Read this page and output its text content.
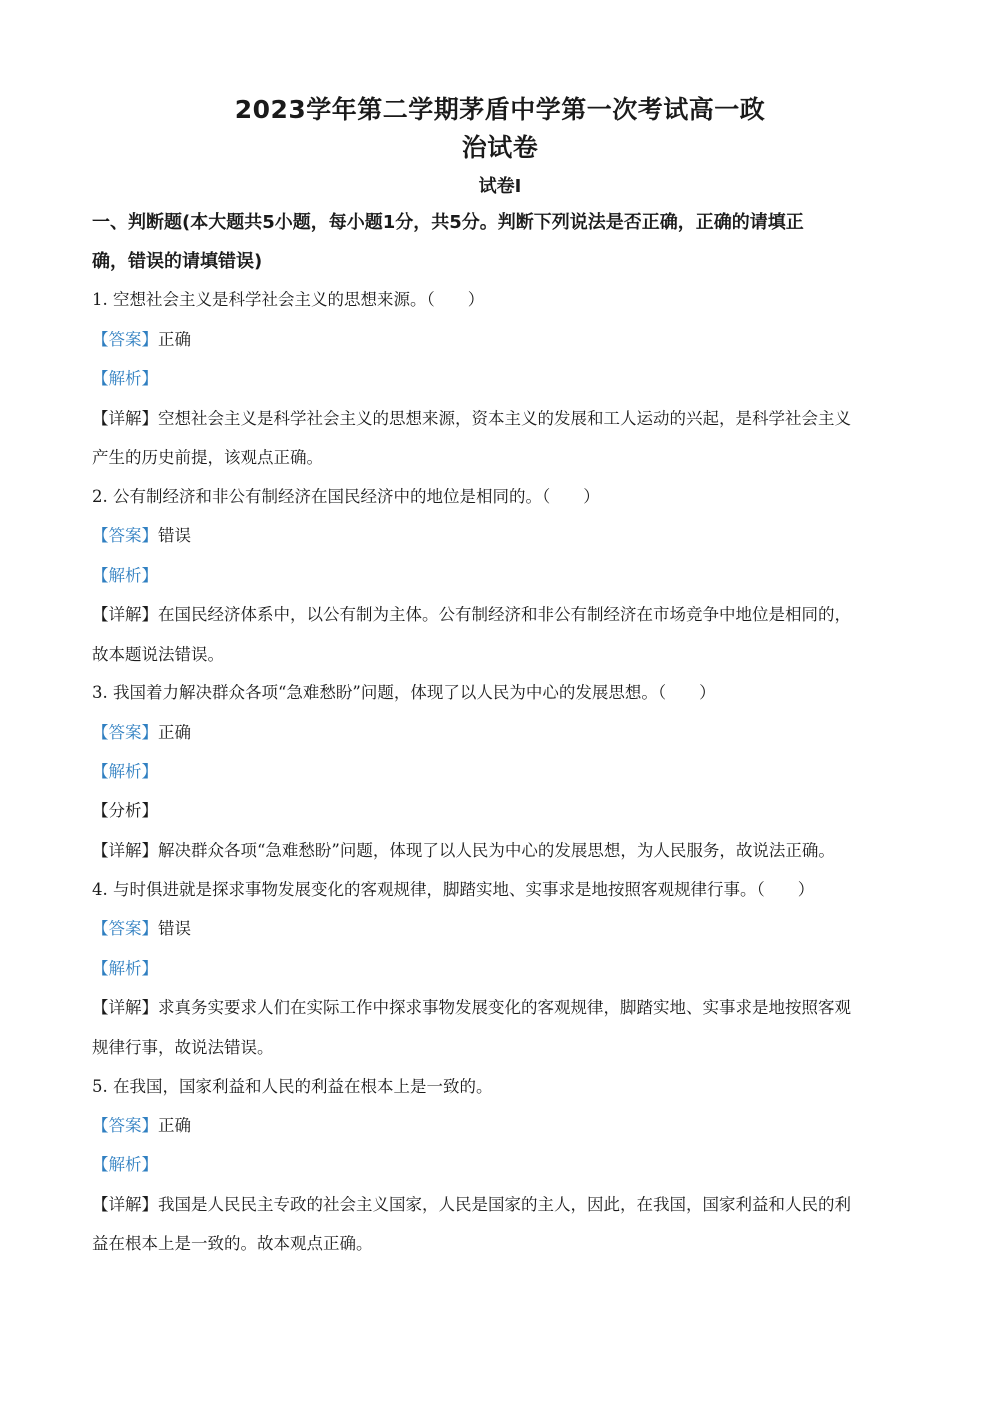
2023学年第二学期茅盾中学第一次考试高一政
治试卷
试卷Ⅰ
一、判断题(本大题共5小题，每小题1分，共5分。判断下列说法是否正确，正确的请填正
确，错误的请填错误)
1. 空想社会主义是科学社会主义的思想来源。（　　）
【答案】正确
【解析】
【详解】空想社会主义是科学社会主义的思想来源，资本主义的发展和工人运动的兴起，是科学社会主义
产生的历史前提，该观点正确。
2. 公有制经济和非公有制经济在国民经济中的地位是相同的。（　　）
【答案】错误
【解析】
【详解】在国民经济体系中，以公有制为主体。公有制经济和非公有制经济在市场竞争中地位是相同的，
故本题说法错误。
3. 我国着力解决群众各项“急难愁盼”问题，体现了以人民为中心的发展思想。（　　）
【答案】正确
【解析】
【分析】
【详解】解决群众各项“急难愁盼”问题，体现了以人民为中心的发展思想，为人民服务，故说法正确。
4. 与时俱进就是探求事物发展变化的客观规律，脚踏实地、实事求是地按照客观规律行事。（　　）
【答案】错误
【解析】
【详解】求真务实要求人们在实际工作中探求事物发展变化的客观规律，脚踏实地、实事求是地按照客观
规律行事，故说法错误。
5. 在我国，国家利益和人民的利益在根本上是一致的。
【答案】正确
【解析】
【详解】我国是人民民主专政的社会主义国家，人民是国家的主人，因此，在我国，国家利益和人民的利
益在根本上是一致的。故本观点正确。
